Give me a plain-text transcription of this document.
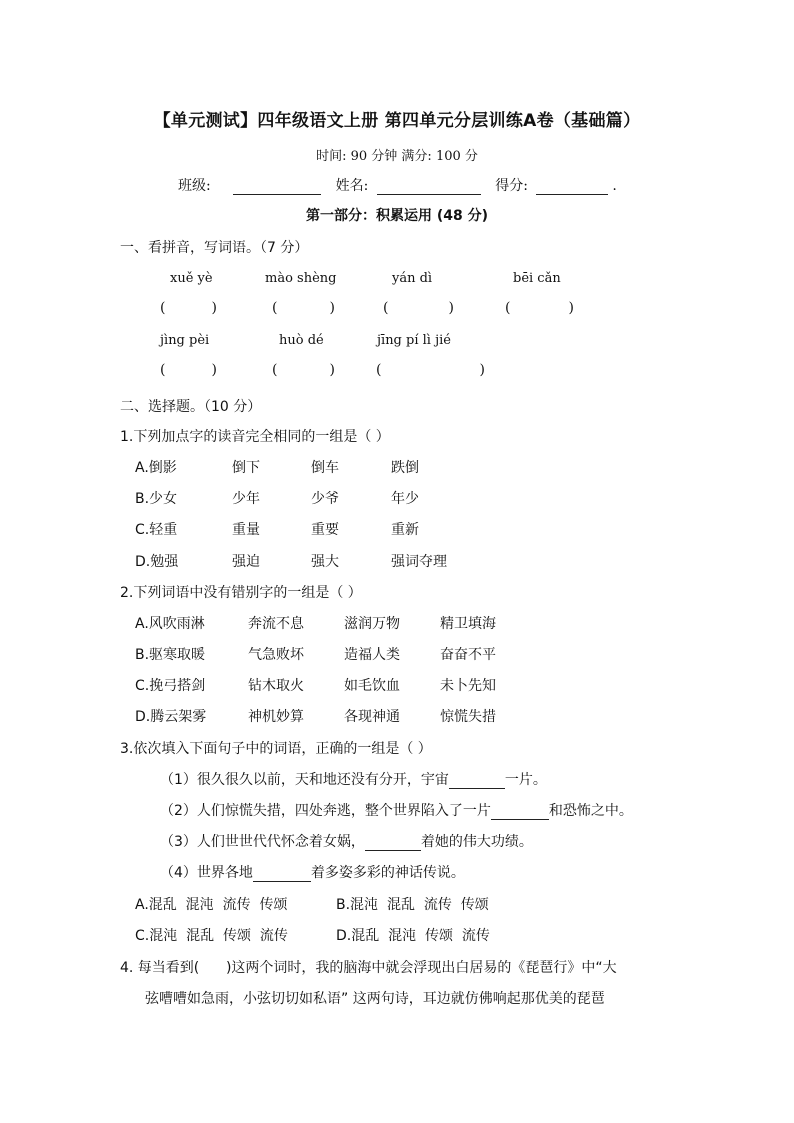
【单元测试】四年级语文上册 第四单元分层训练A卷（基础篇）
时间: 90 分钟 满分: 100 分
班级:	姓名:	得分:	.
第一部分：积累运用 (48 分)
一、看拼音，写词语。（7 分）
xuě yè	mào shèng	yán dì	bēi cǎn
(	)	(	)	(	)	(	)
jìng pèi	huò dé	jīng pí lì jié
(	)	(	)	(	)
二、选择题。（10 分）
1.下列加点字的读音完全相同的一组是（ ）
A.倒影	倒下	倒车	跌倒
B.少女	少年	少爷	年少
C.轻重	重量	重要	重新
D.勉强	强迫	强大	强词夺理
2.下列词语中没有错别字的一组是（ ）
A.风吹雨淋	奔流不息	滋润万物	精卫填海
B.驱寒取暖	气急败坏	造福人类	奋奋不平
C.挽弓搭剑	钻木取火	如毛饮血	未卜先知
D.腾云架雾	神机妙算	各现神通	惊慌失措
3.依次填入下面句子中的词语，正确的一组是（ ）
（1）很久很久以前，天和地还没有分开，宇宙	一片。
（2）人们惊慌失措，四处奔逃，整个世界陷入了一片	和恐怖之中。
（3）人们世世代代怀念着女娲，	着她的伟大功绩。
（4）世界各地	着多姿多彩的神话传说。
A.混乱  混沌  流传  传颂	B.混沌  混乱  流传  传颂
C.混沌  混乱  传颂  流传	D.混乱  混沌  传颂  流传
4. 每当看到(      )这两个词时，我的脑海中就会浮现出白居易的《琵琶行》中“大
弦嘈嘈如急雨，小弦切切如私语” 这两句诗，耳边就仿佛响起那优美的琵琶
